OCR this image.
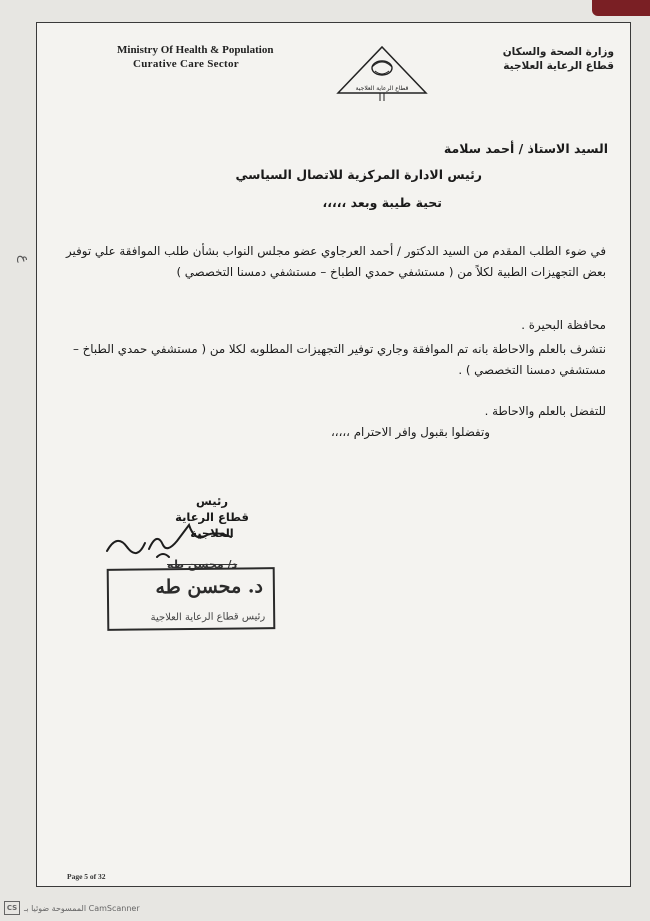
Ministry Of Health & Population
Curative Care Sector
قطاع الرعاية العلاجية
وزارة الصحة والسكان
قطاع الرعاية العلاجية
السيد الاستاذ / أحمد سلامة
رئيس الادارة المركزية للاتصال السياسي
تحية طيبة وبعد ،،،،،
في ضوء الطلب المقدم من السيد الدكتور / أحمد العرجاوي عضو مجلس النواب بشأن طلب الموافقة علي توفير بعض التجهيزات الطبية لكلاً من ( مستشفي حمدي الطباخ – مستشفي دمسنا التخصصي )
محافظة البحيرة .
نتشرف بالعلم والاحاطة بانه تم الموافقة وجاري توفير التجهيزات المطلوبه لكلا من ( مستشفي حمدي الطباخ – مستشفي دمسنا التخصصي ) .
للتفضل بالعلم والاحاطة .
وتفضلوا بقبول وافر الاحترام ،،،،،
رئيس
قطاع الرعاية العلاجية
د/ محسن طه
د. محسن طه
رئيس قطاع الرعاية العلاجية
Page 5 of 32
ع
CS الممسوحة ضوئيا بـ CamScanner
